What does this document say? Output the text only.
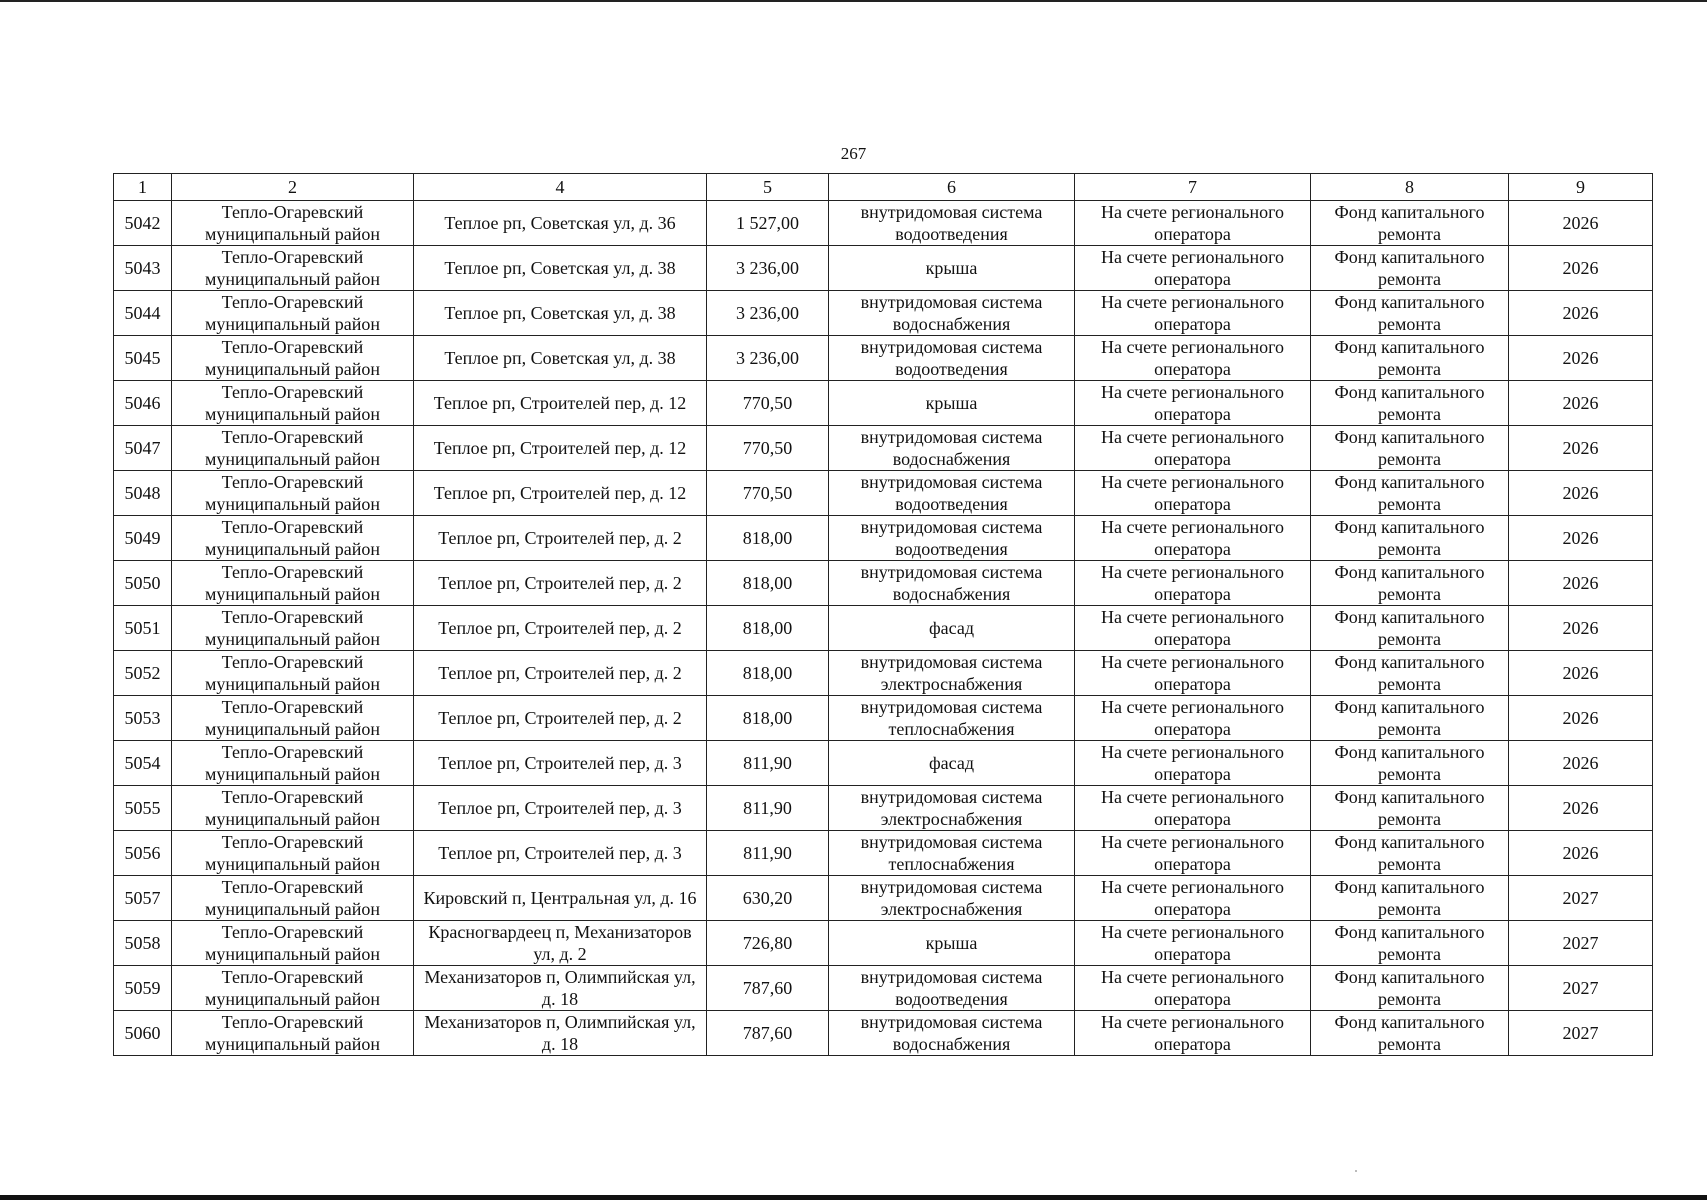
267
1	2	4	5	6	7	8	9
5042	Тепло-Огаревский муниципальный район	Теплое рп, Советская ул, д. 36	1 527,00	внутридомовая система водоотведения	На счете регионального оператора	Фонд капитального ремонта	2026
5043	Тепло-Огаревский муниципальный район	Теплое рп, Советская ул, д. 38	3 236,00	крыша	На счете регионального оператора	Фонд капитального ремонта	2026
5044	Тепло-Огаревский муниципальный район	Теплое рп, Советская ул, д. 38	3 236,00	внутридомовая система водоснабжения	На счете регионального оператора	Фонд капитального ремонта	2026
5045	Тепло-Огаревский муниципальный район	Теплое рп, Советская ул, д. 38	3 236,00	внутридомовая система водоотведения	На счете регионального оператора	Фонд капитального ремонта	2026
5046	Тепло-Огаревский муниципальный район	Теплое рп, Строителей пер, д. 12	770,50	крыша	На счете регионального оператора	Фонд капитального ремонта	2026
5047	Тепло-Огаревский муниципальный район	Теплое рп, Строителей пер, д. 12	770,50	внутридомовая система водоснабжения	На счете регионального оператора	Фонд капитального ремонта	2026
5048	Тепло-Огаревский муниципальный район	Теплое рп, Строителей пер, д. 12	770,50	внутридомовая система водоотведения	На счете регионального оператора	Фонд капитального ремонта	2026
5049	Тепло-Огаревский муниципальный район	Теплое рп, Строителей пер, д. 2	818,00	внутридомовая система водоотведения	На счете регионального оператора	Фонд капитального ремонта	2026
5050	Тепло-Огаревский муниципальный район	Теплое рп, Строителей пер, д. 2	818,00	внутридомовая система водоснабжения	На счете регионального оператора	Фонд капитального ремонта	2026
5051	Тепло-Огаревский муниципальный район	Теплое рп, Строителей пер, д. 2	818,00	фасад	На счете регионального оператора	Фонд капитального ремонта	2026
5052	Тепло-Огаревский муниципальный район	Теплое рп, Строителей пер, д. 2	818,00	внутридомовая система электроснабжения	На счете регионального оператора	Фонд капитального ремонта	2026
5053	Тепло-Огаревский муниципальный район	Теплое рп, Строителей пер, д. 2	818,00	внутридомовая система теплоснабжения	На счете регионального оператора	Фонд капитального ремонта	2026
5054	Тепло-Огаревский муниципальный район	Теплое рп, Строителей пер, д. 3	811,90	фасад	На счете регионального оператора	Фонд капитального ремонта	2026
5055	Тепло-Огаревский муниципальный район	Теплое рп, Строителей пер, д. 3	811,90	внутридомовая система электроснабжения	На счете регионального оператора	Фонд капитального ремонта	2026
5056	Тепло-Огаревский муниципальный район	Теплое рп, Строителей пер, д. 3	811,90	внутридомовая система теплоснабжения	На счете регионального оператора	Фонд капитального ремонта	2026
5057	Тепло-Огаревский муниципальный район	Кировский п, Центральная ул, д. 16	630,20	внутридомовая система электроснабжения	На счете регионального оператора	Фонд капитального ремонта	2027
5058	Тепло-Огаревский муниципальный район	Красногвардеец п, Механизаторов ул, д. 2	726,80	крыша	На счете регионального оператора	Фонд капитального ремонта	2027
5059	Тепло-Огаревский муниципальный район	Механизаторов п, Олимпийская ул, д. 18	787,60	внутридомовая система водоотведения	На счете регионального оператора	Фонд капитального ремонта	2027
5060	Тепло-Огаревский муниципальный район	Механизаторов п, Олимпийская ул, д. 18	787,60	внутридомовая система водоснабжения	На счете регионального оператора	Фонд капитального ремонта	2027
